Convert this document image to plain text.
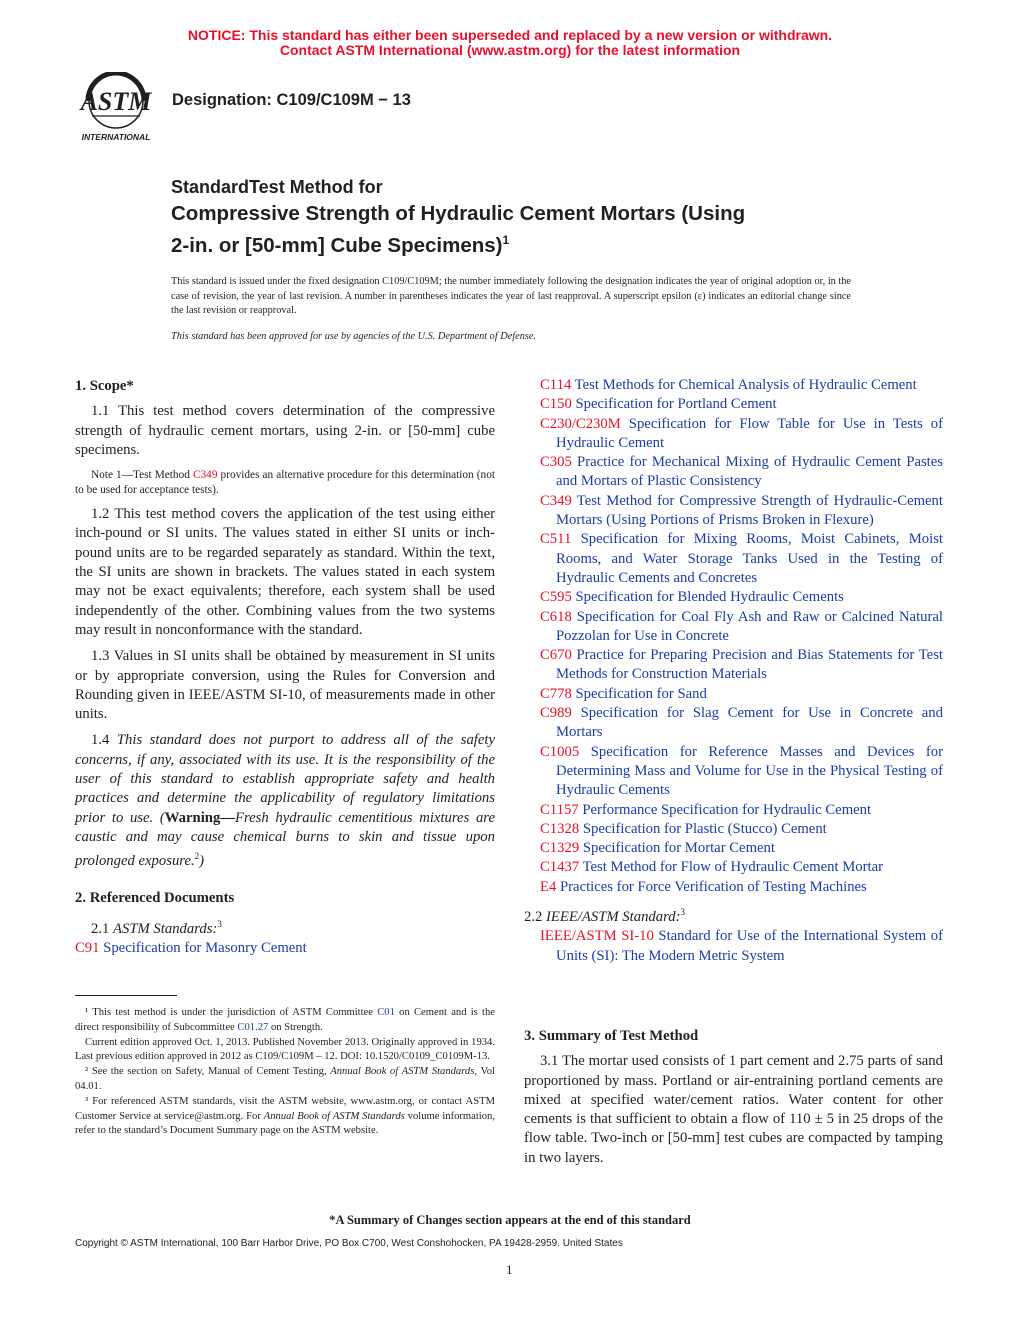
NOTICE: This standard has either been superseded and replaced by a new version or withdrawn.
Contact ASTM International (www.astm.org) for the latest information
ASTM
INTERNATIONAL
Designation: C109/C109M − 13
StandardTest Method for
Compressive Strength of Hydraulic Cement Mortars (Using
2-in. or [50-mm] Cube Specimens)$^1$
This standard is issued under the fixed designation C109/C109M; the number immediately following the designation indicates the year of original adoption or, in the case of revision, the year of last revision. A number in parentheses indicates the year of last reapproval. A superscript epsilon (ε) indicates an editorial change since the last revision or reapproval.
This standard has been approved for use by agencies of the U.S. Department of Defense.
1. Scope*

1.1 This test method covers determination of the compressive strength of hydraulic cement mortars, using 2-in. or [50-mm] cube specimens.

Note 1—Test Method C349 provides an alternative procedure for this determination (not to be used for acceptance tests).

1.2 This test method covers the application of the test using either inch-pound or SI units. The values stated in either SI units or inch-pound units are to be regarded separately as standard. Within the text, the SI units are shown in brackets. The values stated in each system may not be exact equivalents; therefore, each system shall be used independently of the other. Combining values from the two systems may result in nonconformance with the standard.

1.3 Values in SI units shall be obtained by measurement in SI units or by appropriate conversion, using the Rules for Conversion and Rounding given in IEEE/ASTM SI-10, of measurements made in other units.

1.4 This standard does not purport to address all of the safety concerns, if any, associated with its use. It is the responsibility of the user of this standard to establish appropriate safety and health practices and determine the applicability of regulatory limitations prior to use. (Warning—Fresh hydraulic cementitious mixtures are caustic and may cause chemical burns to skin and tissue upon prolonged exposure.$^2$)

2. Referenced Documents

2.1 ASTM Standards:$^3$

C91 Specification for Masonry Cement

¹ This test method is under the jurisdiction of ASTM Committee C01 on Cement and is the direct responsibility of Subcommittee C01.27 on Strength.

Current edition approved Oct. 1, 2013. Published November 2013. Originally approved in 1934. Last previous edition approved in 2012 as C109/C109M – 12. DOI: 10.1520/C0109_C0109M-13.

² See the section on Safety, Manual of Cement Testing, Annual Book of ASTM Standards, Vol 04.01.

³ For referenced ASTM standards, visit the ASTM website, www.astm.org, or contact ASTM Customer Service at service@astm.org. For Annual Book of ASTM Standards volume information, refer to the standard’s Document Summary page on the ASTM website.

C114 Test Methods for Chemical Analysis of Hydraulic Cement

C150 Specification for Portland Cement

C230/C230M Specification for Flow Table for Use in Tests of Hydraulic Cement

C305 Practice for Mechanical Mixing of Hydraulic Cement Pastes and Mortars of Plastic Consistency

C349 Test Method for Compressive Strength of Hydraulic-Cement Mortars (Using Portions of Prisms Broken in Flexure)

C511 Specification for Mixing Rooms, Moist Cabinets, Moist Rooms, and Water Storage Tanks Used in the Testing of Hydraulic Cements and Concretes

C595 Specification for Blended Hydraulic Cements

C618 Specification for Coal Fly Ash and Raw or Calcined Natural Pozzolan for Use in Concrete

C670 Practice for Preparing Precision and Bias Statements for Test Methods for Construction Materials

C778 Specification for Sand

C989 Specification for Slag Cement for Use in Concrete and Mortars

C1005 Specification for Reference Masses and Devices for Determining Mass and Volume for Use in the Physical Testing of Hydraulic Cements

C1157 Performance Specification for Hydraulic Cement

C1328 Specification for Plastic (Stucco) Cement

C1329 Specification for Mortar Cement

C1437 Test Method for Flow of Hydraulic Cement Mortar

E4 Practices for Force Verification of Testing Machines

2.2 IEEE/ASTM Standard:$^3$

IEEE/ASTM SI-10 Standard for Use of the International System of Units (SI): The Modern Metric System

3. Summary of Test Method

3.1 The mortar used consists of 1 part cement and 2.75 parts of sand proportioned by mass. Portland or air-entraining portland cements are mixed at specified water/cement ratios. Water content for other cements is that sufficient to obtain a flow of 110 ± 5 in 25 drops of the flow table. Two-inch or [50-mm] test cubes are compacted by tamping in two layers.

*A Summary of Changes section appears at the end of this standard
Copyright © ASTM International, 100 Barr Harbor Drive, PO Box C700, West Conshohocken, PA 19428-2959. United States
1
